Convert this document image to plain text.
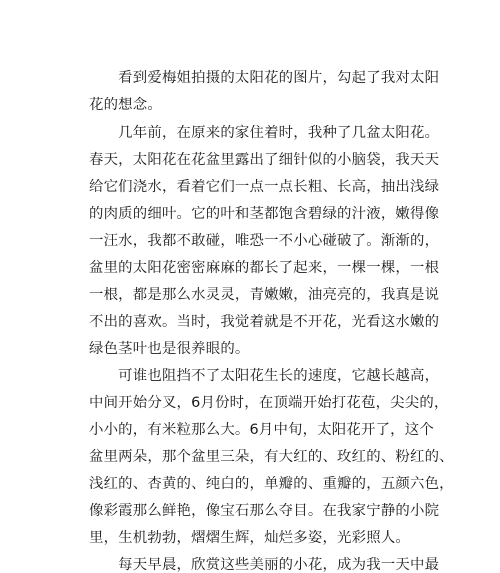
　　看到爱梅姐拍摄的太阳花的图片，勾起了我对太阳
花的想念。
　　几年前，在原来的家住着时，我种了几盆太阳花。
春天，太阳花在花盆里露出了细针似的小脑袋，我天天
给它们浇水，看着它们一点一点长粗、长高，抽出浅绿
的肉质的细叶。它的叶和茎都饱含碧绿的汁液，嫩得像
一汪水，我都不敢碰，唯恐一不小心碰破了。渐渐的，
盆里的太阳花密密麻麻的都长了起来，一棵一棵，一根
一根，都是那么水灵灵，青嫩嫩，油亮亮的，我真是说
不出的喜欢。当时，我觉着就是不开花，光看这水嫩的
绿色茎叶也是很养眼的。
　　可谁也阻挡不了太阳花生长的速度，它越长越高，
中间开始分叉，6月份时，在顶端开始打花苞，尖尖的，
小小的，有米粒那么大。6月中旬，太阳花开了，这个
盆里两朵，那个盆里三朵，有大红的、玫红的、粉红的、
浅红的、杏黄的、纯白的，单瓣的、重瓣的，五颜六色，
像彩霞那么鲜艳，像宝石那么夺目。在我家宁静的小院
里，生机勃勃，熠熠生辉，灿烂多姿，光彩照人。
　　每天早晨，欣赏这些美丽的小花，成为我一天中最
